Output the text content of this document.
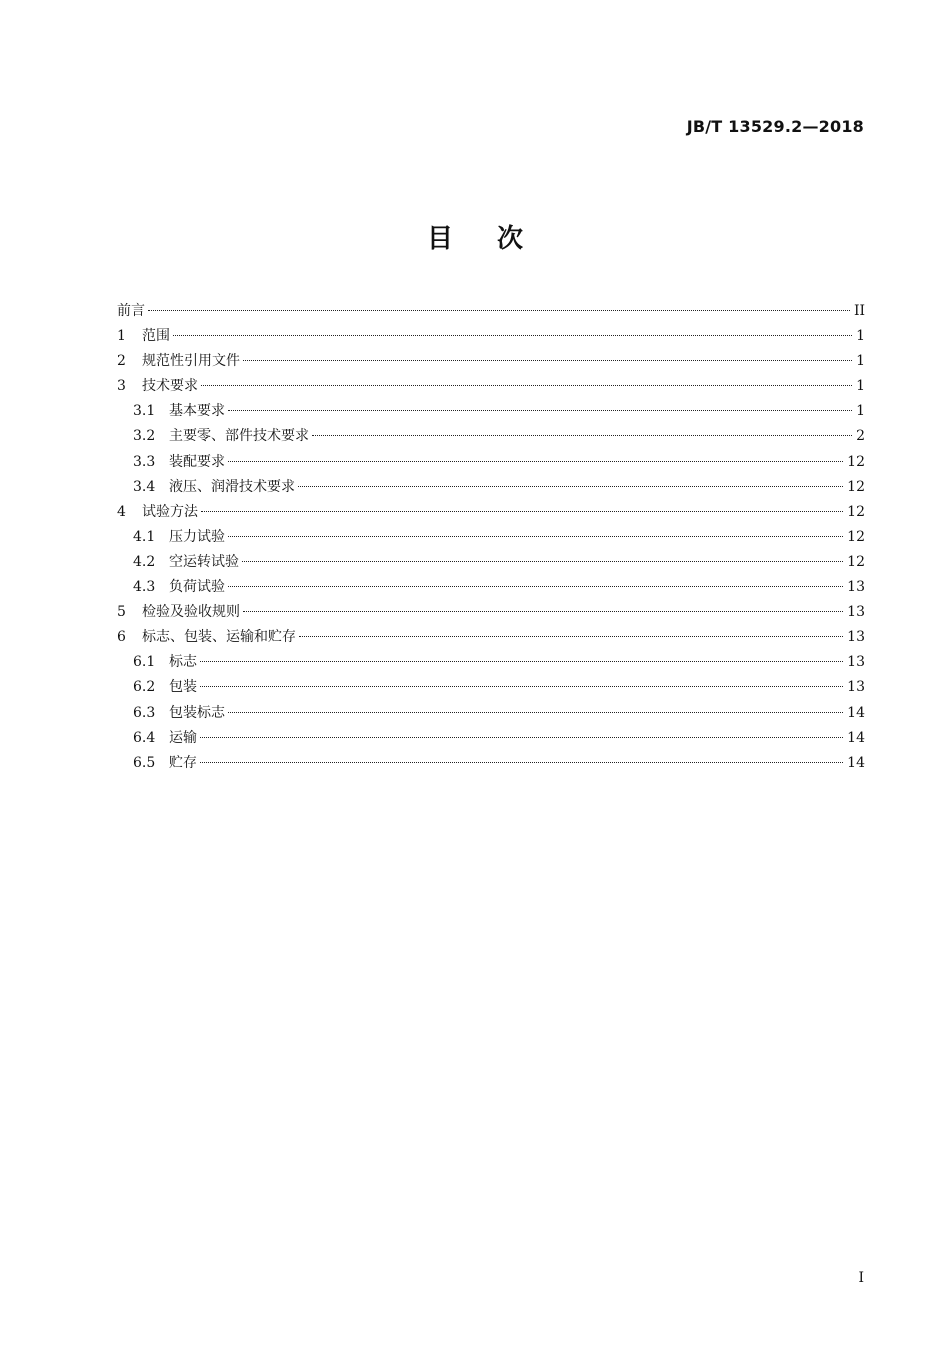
JB/T 13529.2—2018
目次
前言	II
1	范围	1
2	规范性引用文件	1
3	技术要求	1
3.1 基本要求	1
3.2 主要零、部件技术要求	2
3.3 装配要求	12
3.4 液压、润滑技术要求	12
4	试验方法	12
4.1 压力试验	12
4.2 空运转试验	12
4.3 负荷试验	13
5	检验及验收规则	13
6	标志、包装、运输和贮存	13
6.1 标志	13
6.2 包装	13
6.3 包装标志	14
6.4 运输	14
6.5 贮存	14
I
